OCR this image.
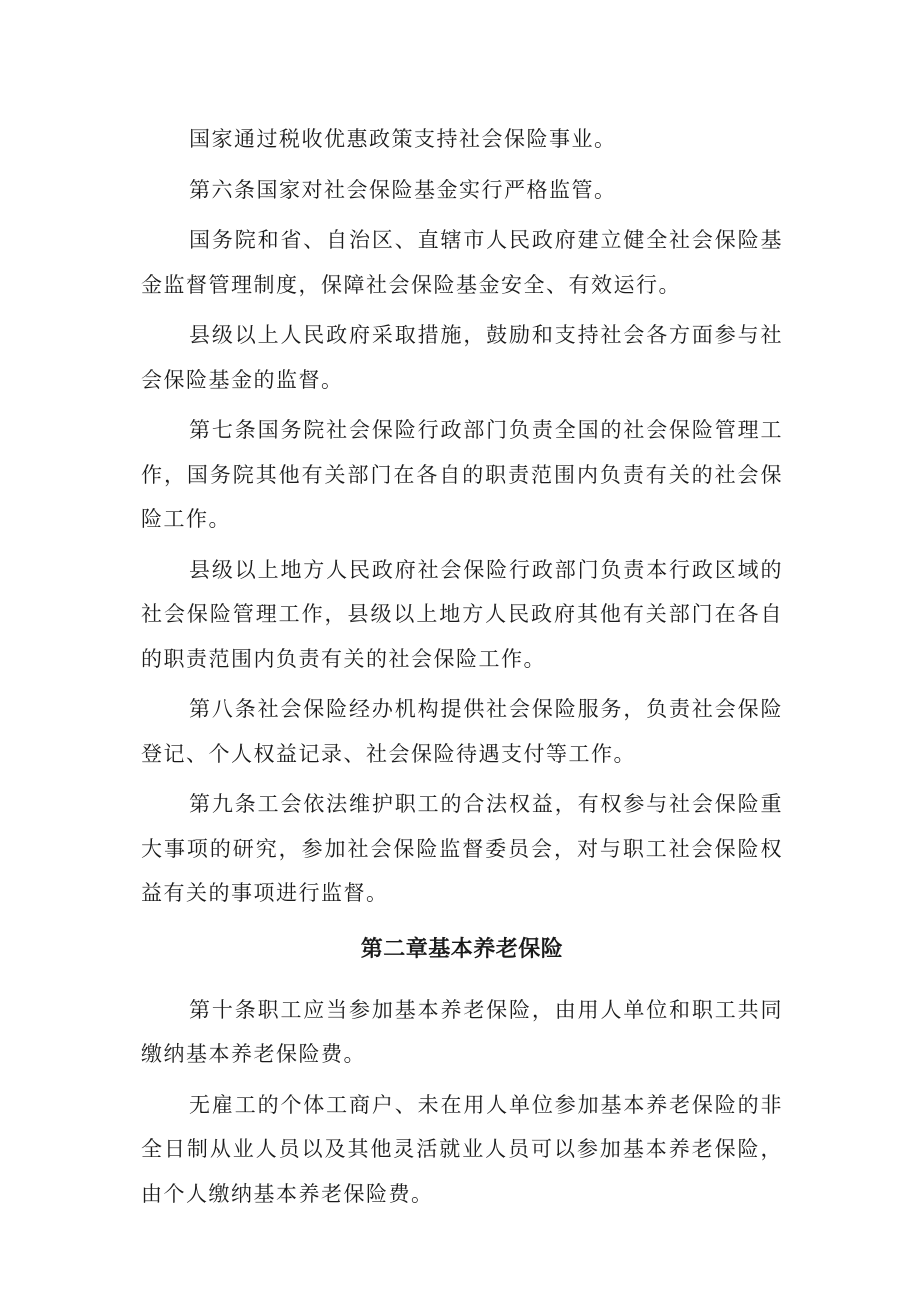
国家通过税收优惠政策支持社会保险事业。

第六条国家对社会保险基金实行严格监管。

国务院和省、自治区、直辖市人民政府建立健全社会保险基金监督管理制度，保障社会保险基金安全、有效运行。

县级以上人民政府采取措施，鼓励和支持社会各方面参与社会保险基金的监督。

第七条国务院社会保险行政部门负责全国的社会保险管理工作，国务院其他有关部门在各自的职责范围内负责有关的社会保险工作。

县级以上地方人民政府社会保险行政部门负责本行政区域的社会保险管理工作，县级以上地方人民政府其他有关部门在各自的职责范围内负责有关的社会保险工作。

第八条社会保险经办机构提供社会保险服务，负责社会保险登记、个人权益记录、社会保险待遇支付等工作。

第九条工会依法维护职工的合法权益，有权参与社会保险重大事项的研究，参加社会保险监督委员会，对与职工社会保险权益有关的事项进行监督。

第二章基本养老保险

第十条职工应当参加基本养老保险，由用人单位和职工共同缴纳基本养老保险费。

无雇工的个体工商户、未在用人单位参加基本养老保险的非全日制从业人员以及其他灵活就业人员可以参加基本养老保险，由个人缴纳基本养老保险费。
